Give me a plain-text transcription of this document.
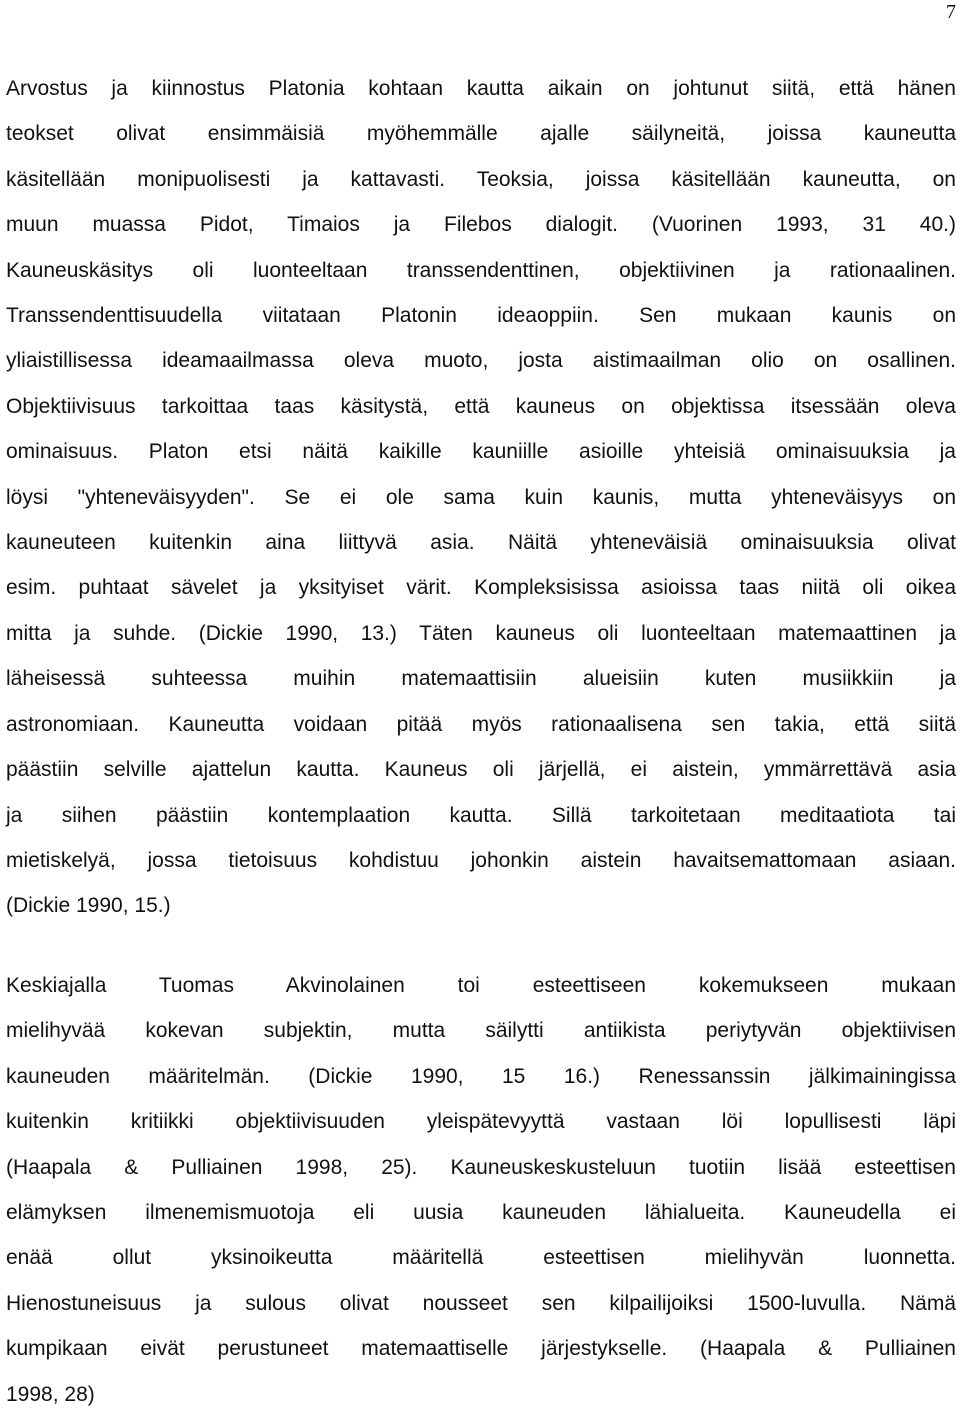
7
Arvostus ja kiinnostus Platonia kohtaan kautta aikain on johtunut siitä, että hänen
teokset olivat ensimmäisiä myöhemmälle ajalle säilyneitä, joissa kauneutta
käsitellään monipuolisesti ja kattavasti. Teoksia, joissa käsitellään kauneutta, on
muun muassa Pidot, Timaios ja Filebos dialogit. (Vuorinen 1993, 31 40.)
Kauneuskäsitys oli luonteeltaan transsendenttinen, objektiivinen ja rationaalinen.
Transsendenttisuudella viitataan Platonin ideaoppiin. Sen mukaan kaunis on
yliaistillisessa ideamaailmassa oleva muoto, josta aistimaailman olio on osallinen.
Objektiivisuus tarkoittaa taas käsitystä, että kauneus on objektissa itsessään oleva
ominaisuus. Platon etsi näitä kaikille kauniille asioille yhteisiä ominaisuuksia ja
löysi "yhteneväisyyden". Se ei ole sama kuin kaunis, mutta yhteneväisyys on
kauneuteen kuitenkin aina liittyvä asia. Näitä yhteneväisiä ominaisuuksia olivat
esim. puhtaat sävelet ja yksityiset värit. Kompleksisissa asioissa taas niitä oli oikea
mitta ja suhde. (Dickie 1990, 13.) Täten kauneus oli luonteeltaan matemaattinen ja
läheisessä suhteessa muihin matemaattisiin alueisiin kuten musiikkiin ja
astronomiaan. Kauneutta voidaan pitää myös rationaalisena sen takia, että siitä
päästiin selville ajattelun kautta. Kauneus oli järjellä, ei aistein, ymmärrettävä asia
ja siihen päästiin kontemplaation kautta. Sillä tarkoitetaan meditaatiota tai
mietiskelyä, jossa tietoisuus kohdistuu johonkin aistein havaitsemattomaan asiaan.
(Dickie 1990, 15.)
Keskiajalla Tuomas Akvinolainen toi esteettiseen kokemukseen mukaan
mielihyvää kokevan subjektin, mutta säilytti antiikista periytyvän objektiivisen
kauneuden määritelmän. (Dickie 1990, 15 16.) Renessanssin jälkimainingissa
kuitenkin kritiikki objektiivisuuden yleispätevyyttä vastaan löi lopullisesti läpi
(Haapala & Pulliainen 1998, 25). Kauneuskeskusteluun tuotiin lisää esteettisen
elämyksen ilmenemismuotoja eli uusia kauneuden lähialueita. Kauneudella ei
enää ollut yksinoikeutta määritellä esteettisen mielihyvän luonnetta.
Hienostuneisuus ja sulous olivat nousseet sen kilpailijoiksi 1500-luvulla. Nämä
kumpikaan eivät perustuneet matemaattiselle järjestykselle. (Haapala & Pulliainen
1998, 28)
